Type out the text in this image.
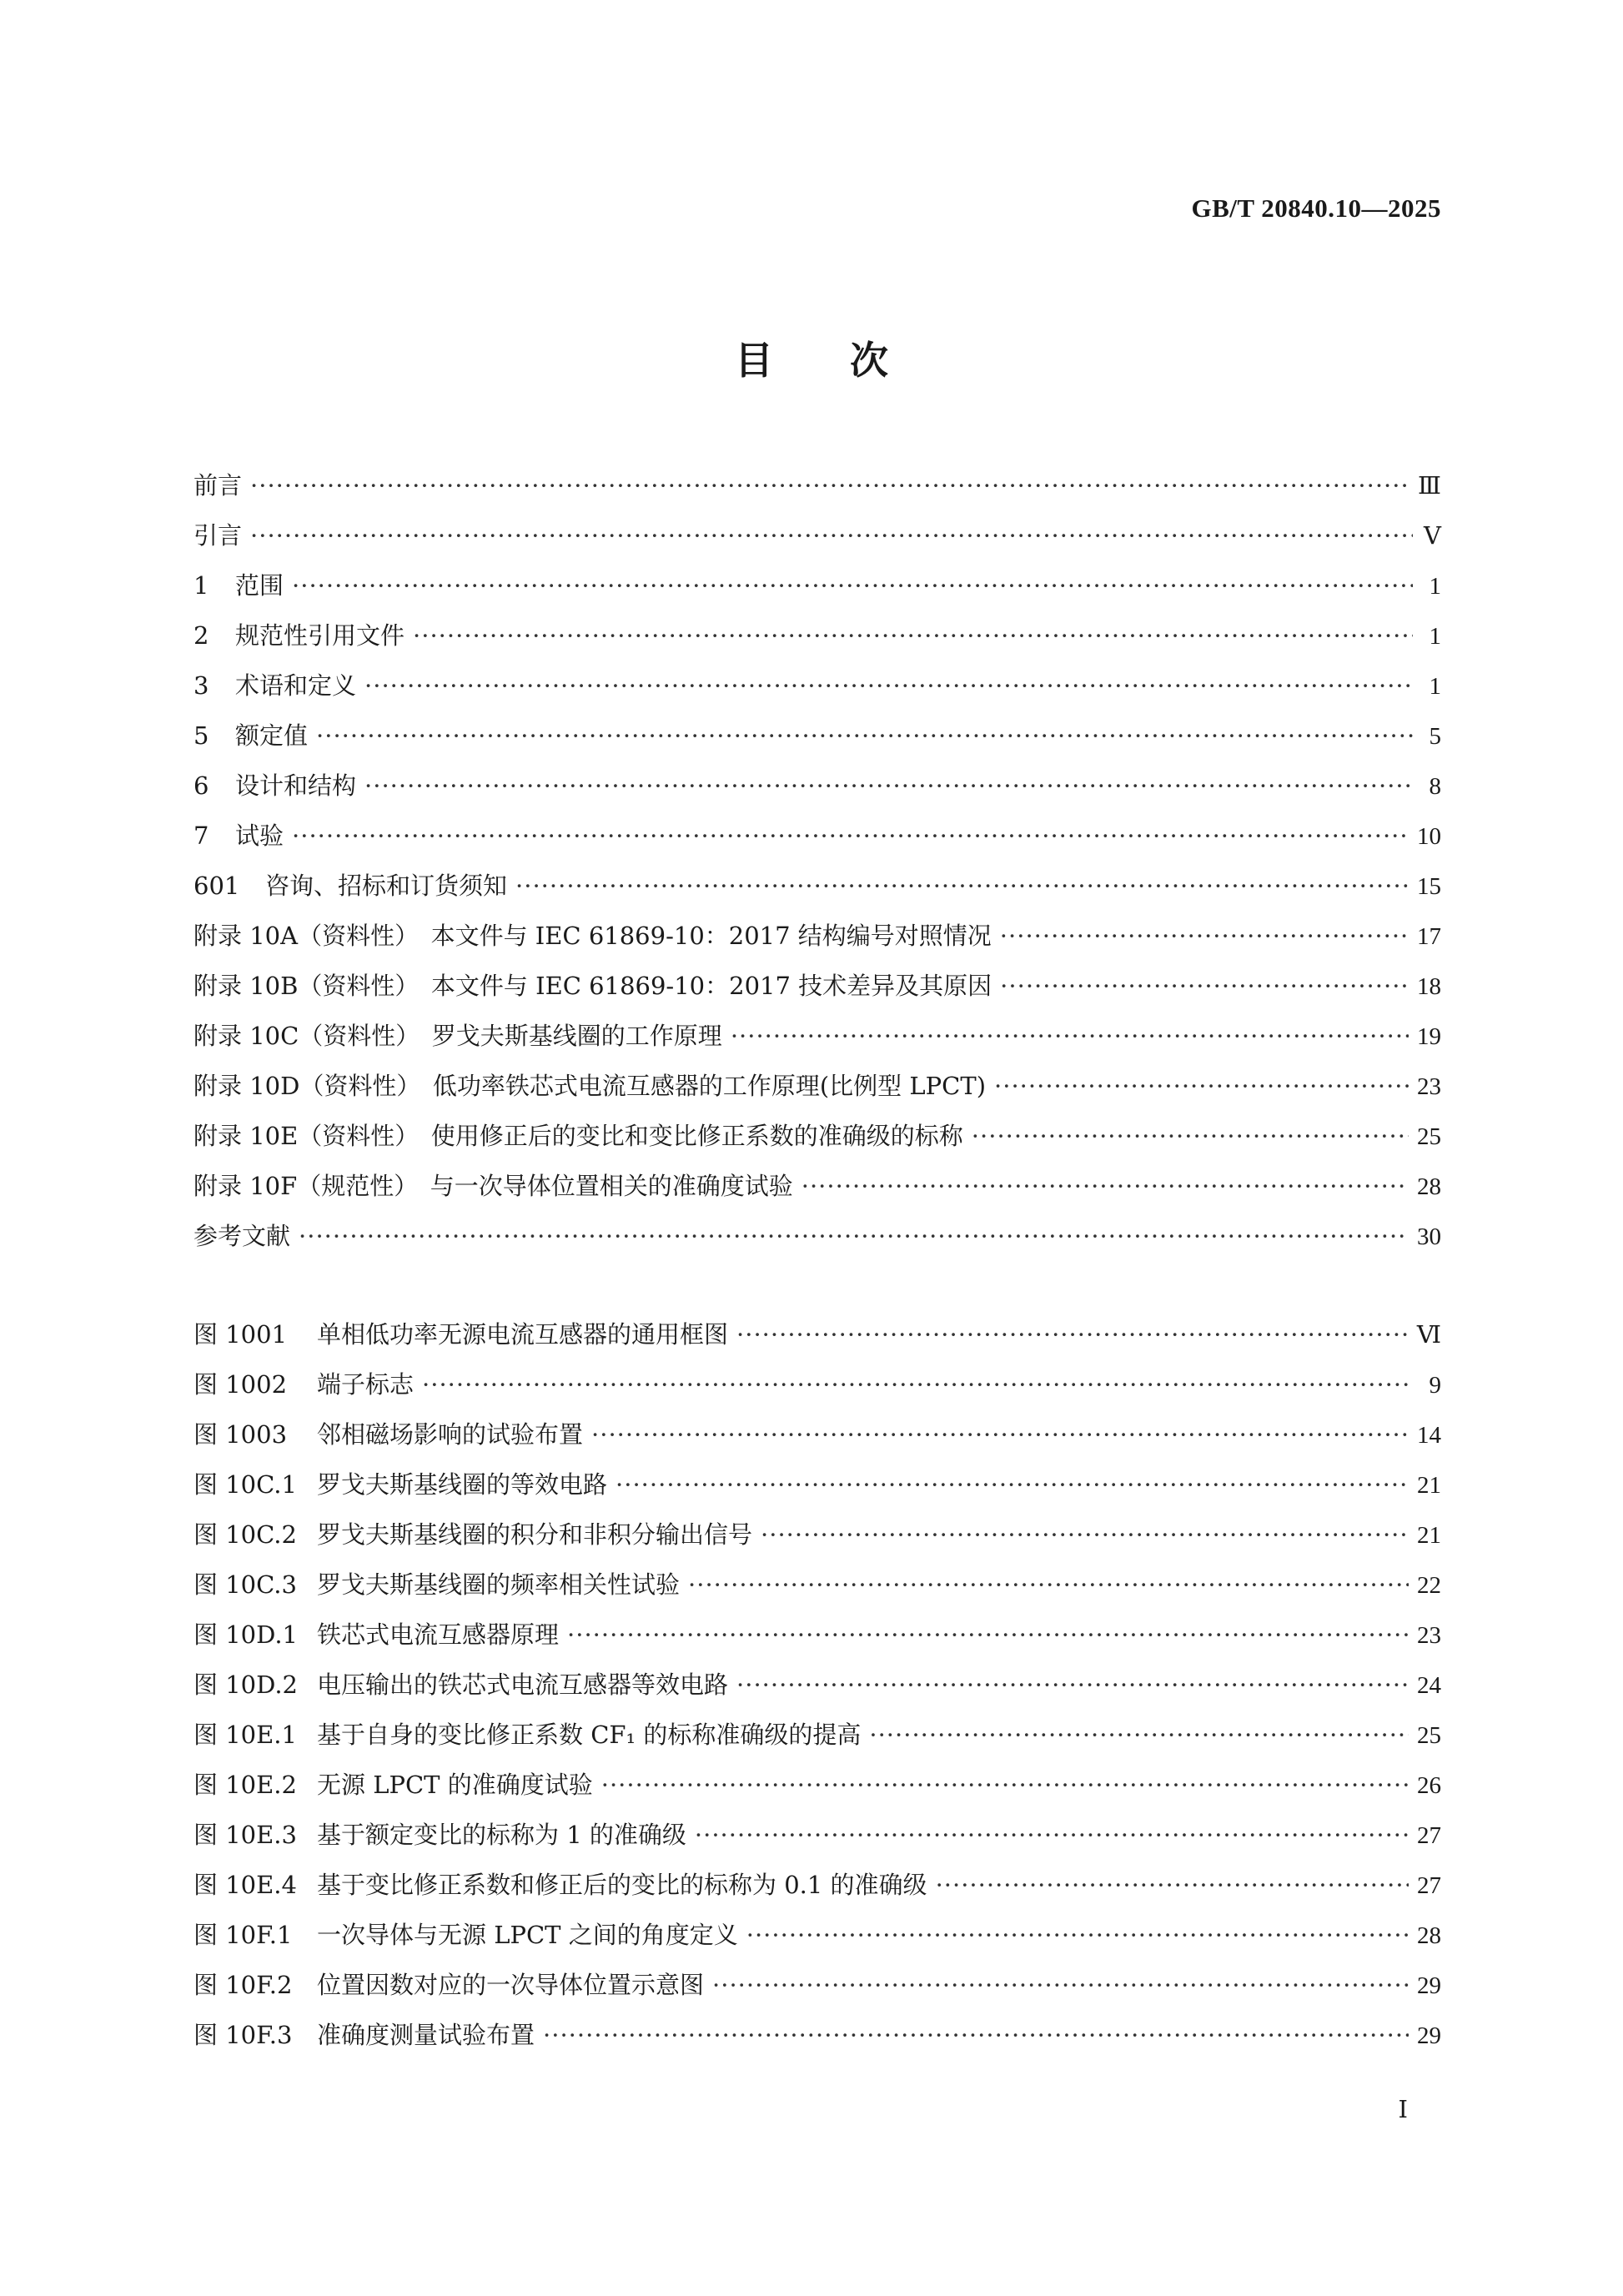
GB/T 20840.10—2025
目次
前言 ·····	Ⅲ
引言 ·····	Ⅴ
1 范围 ·····	1
2 规范性引用文件 ·····	1
3 术语和定义 ·····	1
5 额定值 ·····	5
6 设计和结构 ·····	8
7 试验 ·····	10
601 咨询、招标和订货须知 ·····	15
附录 10A（资料性）　本文件与 IEC 61869-10：2017 结构编号对照情况 ·····	17
附录 10B（资料性）　本文件与 IEC 61869-10：2017 技术差异及其原因 ·····	18
附录 10C（资料性）　罗戈夫斯基线圈的工作原理 ·····	19
附录 10D（资料性）　低功率铁芯式电流互感器的工作原理(比例型 LPCT) ·····	23
附录 10E（资料性）　使用修正后的变比和变比修正系数的准确级的标称 ·····	25
附录 10F（规范性）　与一次导体位置相关的准确度试验 ·····	28
参考文献 ·····	30
图 1001 单相低功率无源电流互感器的通用框图 ·····	Ⅵ
图 1002 端子标志 ·····	9
图 1003 邻相磁场影响的试验布置 ·····	14
图 10C.1 罗戈夫斯基线圈的等效电路 ·····	21
图 10C.2 罗戈夫斯基线圈的积分和非积分输出信号 ·····	21
图 10C.3 罗戈夫斯基线圈的频率相关性试验 ·····	22
图 10D.1 铁芯式电流互感器原理 ·····	23
图 10D.2 电压输出的铁芯式电流互感器等效电路 ·····	24
图 10E.1 基于自身的变比修正系数 CF₁ 的标称准确级的提高 ·····	25
图 10E.2 无源 LPCT 的准确度试验 ·····	26
图 10E.3 基于额定变比的标称为 1 的准确级 ·····	27
图 10E.4 基于变比修正系数和修正后的变比的标称为 0.1 的准确级 ·····	27
图 10F.1 一次导体与无源 LPCT 之间的角度定义 ·····	28
图 10F.2 位置因数对应的一次导体位置示意图 ·····	29
图 10F.3 准确度测量试验布置 ·····	29
Ⅰ
